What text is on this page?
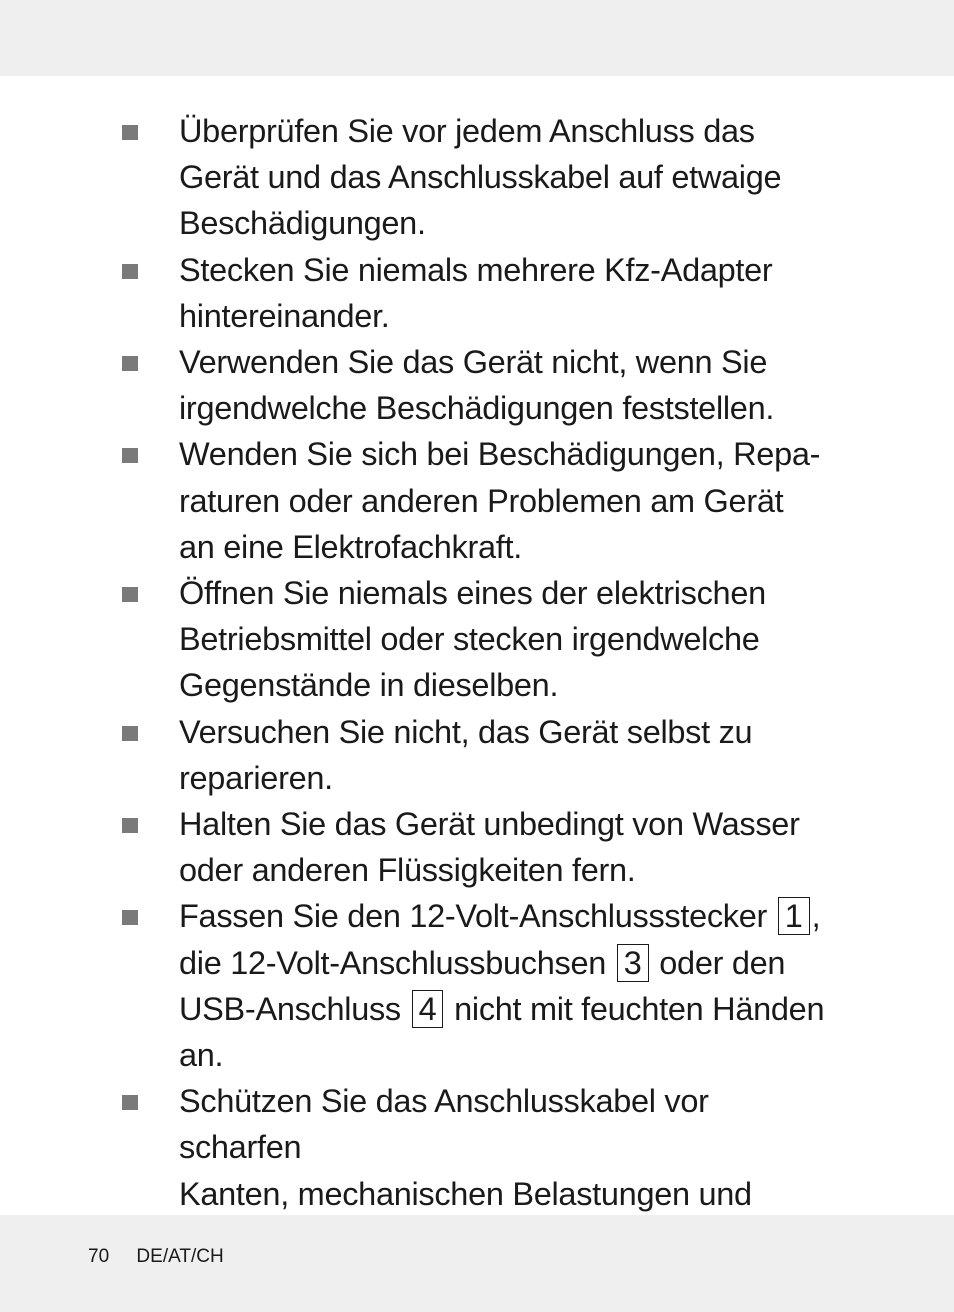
Überprüfen Sie vor jedem Anschluss das
Gerät und das Anschlusskabel auf etwaige
Beschädigungen.
Stecken Sie niemals mehrere Kfz-Adapter
hintereinander.
Verwenden Sie das Gerät nicht, wenn Sie
irgendwelche Beschädigungen feststellen.
Wenden Sie sich bei Beschädigungen, Repa-
raturen oder anderen Problemen am Gerät
an eine Elektrofachkraft.
Öffnen Sie niemals eines der elektrischen
Betriebsmittel oder stecken irgendwelche
Gegenstände in dieselben.
Versuchen Sie nicht, das Gerät selbst zu
reparieren.
Halten Sie das Gerät unbedingt von Wasser
oder anderen Flüssigkeiten fern.
Fassen Sie den 12-Volt-Anschlussstecker 1 ,
die 12-Volt-Anschlussbuchsen 3 oder den
USB-Anschluss 4 nicht mit feuchten Händen an.
Schützen Sie das Anschlusskabel vor scharfen
Kanten, mechanischen Belastungen und

70 DE/AT/CH
